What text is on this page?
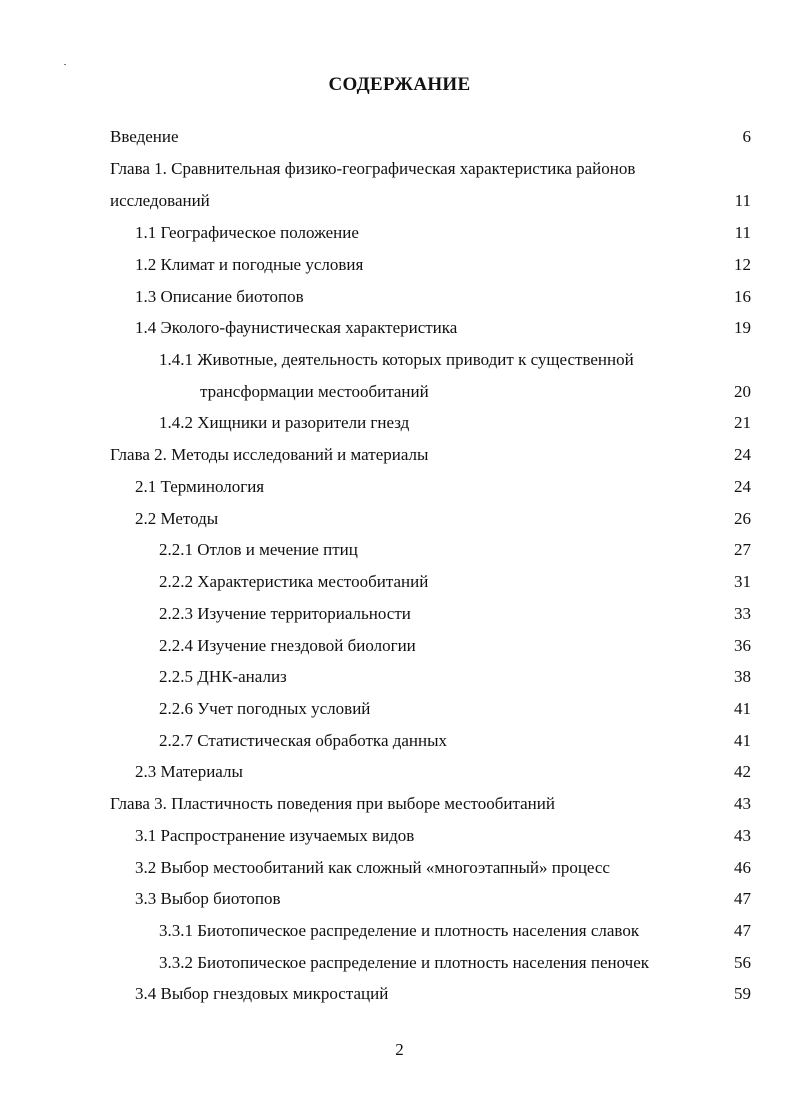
СОДЕРЖАНИЕ
Введение	6
Глава 1. Сравнительная физико-географическая характеристика районов
исследований	11
1.1 Географическое положение	11
1.2 Климат и погодные условия	12
1.3 Описание биотопов	16
1.4 Эколого-фаунистическая характеристика	19
1.4.1 Животные, деятельность которых приводит к существенной
трансформации местообитаний	20
1.4.2 Хищники и разорители гнезд	21
Глава 2. Методы исследований и материалы	24
2.1 Терминология	24
2.2 Методы	26
2.2.1 Отлов и мечение птиц	27
2.2.2 Характеристика местообитаний	31
2.2.3 Изучение территориальности	33
2.2.4 Изучение гнездовой биологии	36
2.2.5 ДНК-анализ	38
2.2.6 Учет погодных условий	41
2.2.7 Статистическая обработка данных	41
2.3 Материалы	42
Глава 3. Пластичность поведения при выборе местообитаний	43
3.1 Распространение изучаемых видов	43
3.2 Выбор местообитаний как сложный «многоэтапный» процесс	46
3.3 Выбор биотопов	47
3.3.1 Биотопическое распределение и плотность населения славок	47
3.3.2 Биотопическое распределение и плотность населения пеночек	56
3.4 Выбор гнездовых микростаций	59
2
